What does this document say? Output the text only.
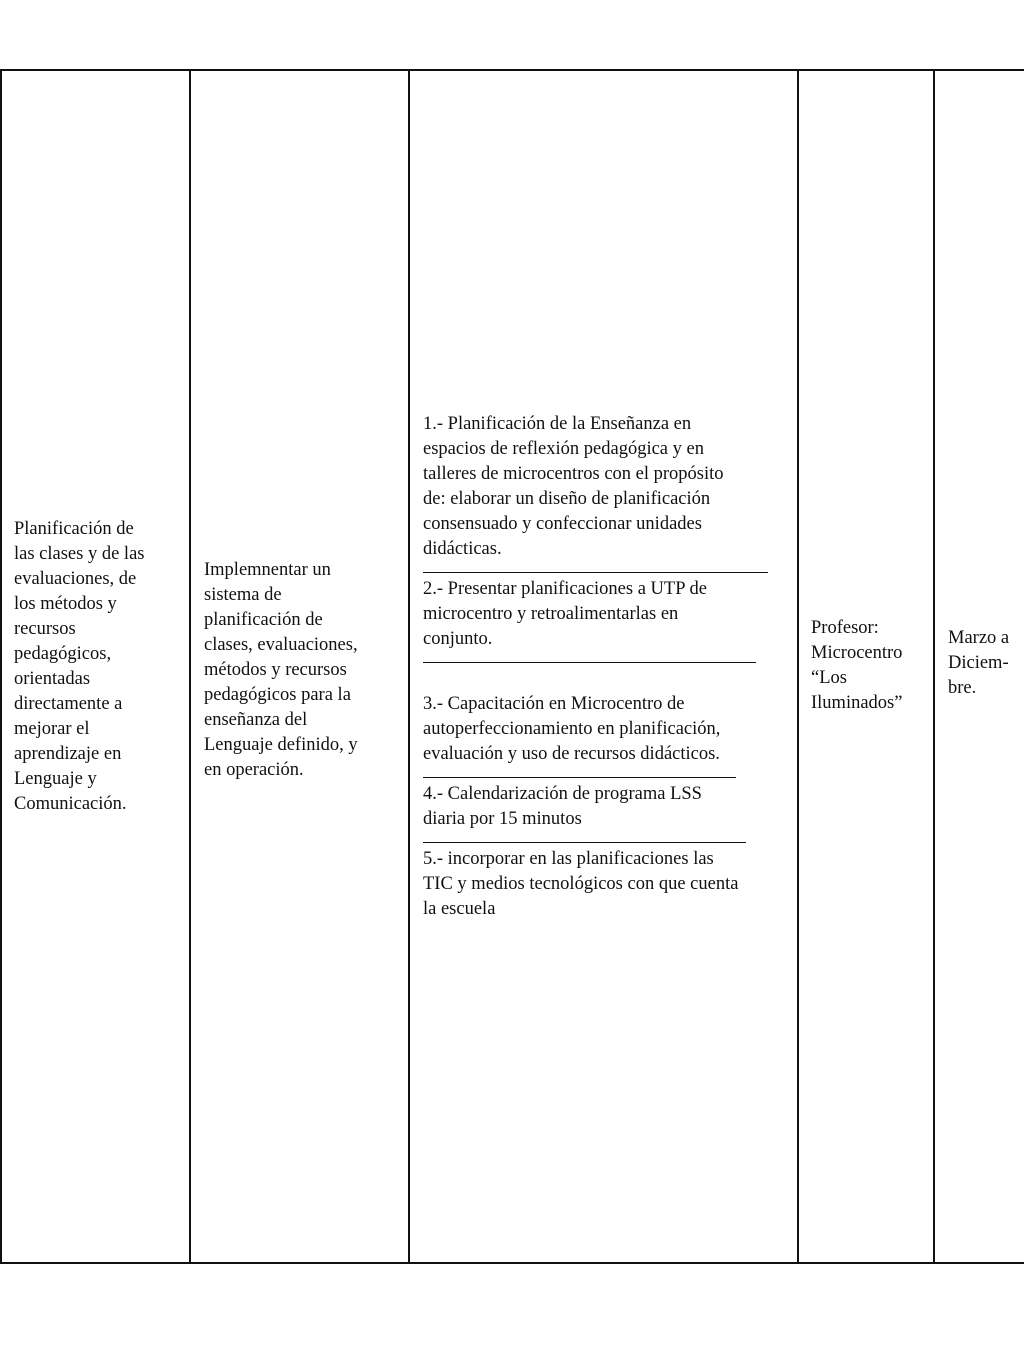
Planificación de
las clases y de las
evaluaciones, de
los métodos y
recursos
pedagógicos,
orientadas
directamente a
mejorar el
aprendizaje en
Lenguaje y
Comunicación.
Implemnentar un
sistema de
planificación de
clases, evaluaciones,
métodos y recursos
pedagógicos para la
enseñanza del
Lenguaje definido, y
en operación.
1.- Planificación de la Enseñanza en
espacios de reflexión pedagógica y en
talleres de microcentros con el propósito
de: elaborar un diseño de planificación
consensuado y confeccionar unidades
didácticas.
2.- Presentar planificaciones a UTP de
microcentro y retroalimentarlas en
conjunto.
3.- Capacitación en Microcentro de
autoperfeccionamiento en planificación,
evaluación y uso de recursos didácticos.
4.- Calendarización de programa LSS
diaria por 15 minutos
5.- incorporar en las planificaciones las
TIC y medios tecnológicos con que cuenta
la escuela
Profesor:
Microcentro
“Los
Iluminados”
Marzo a
Diciem-
bre.
